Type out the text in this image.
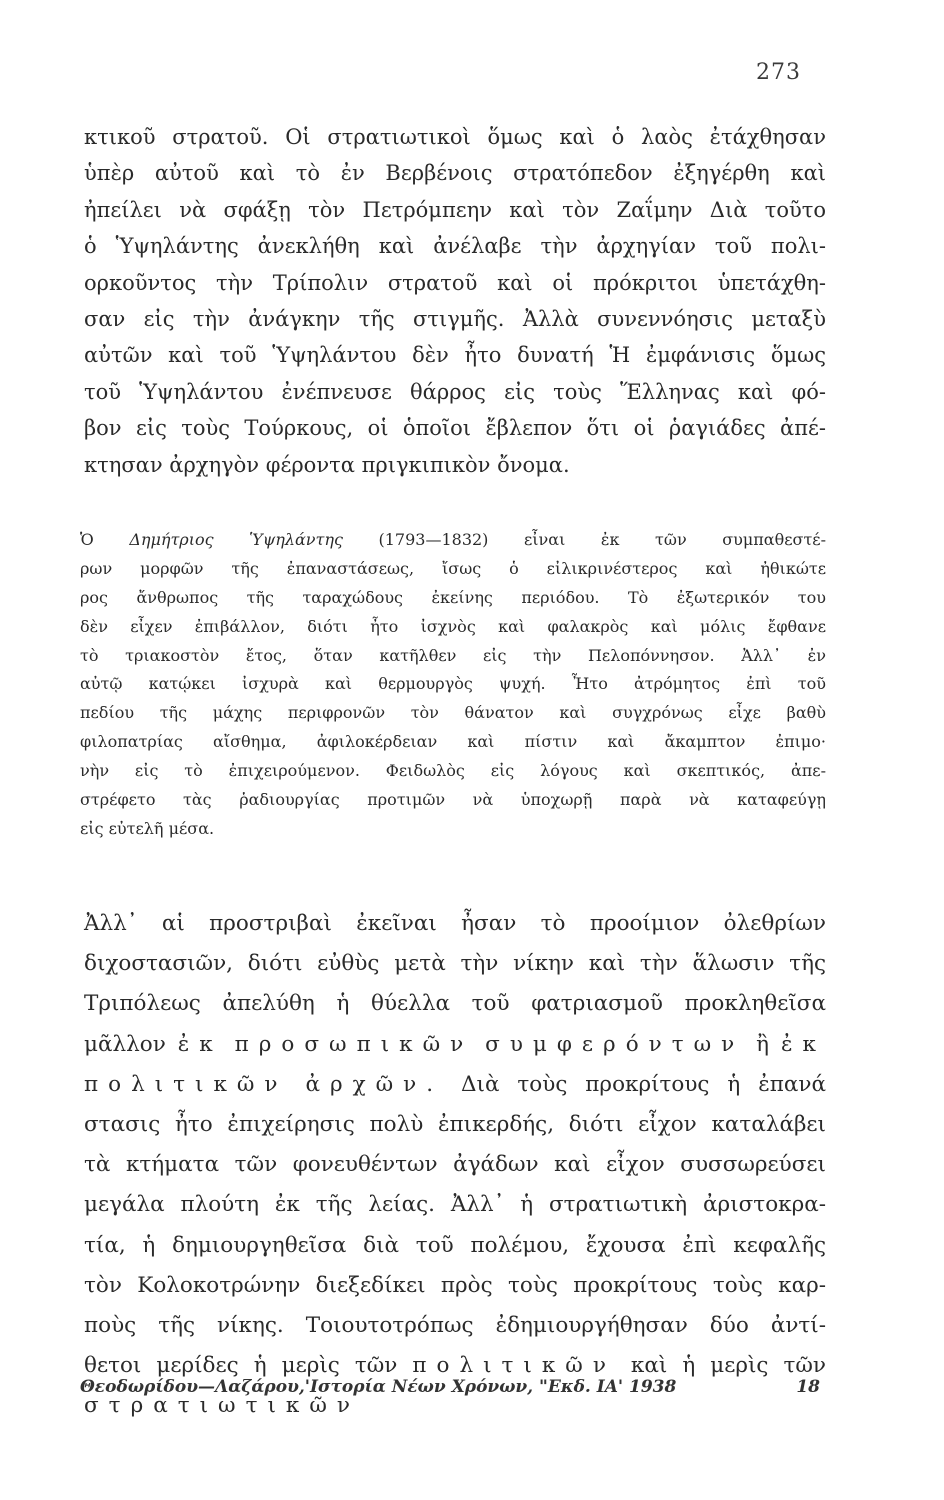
273
κτικοῦ στρατοῦ. Οἱ στρατιωτικοὶ ὅμως καὶ ὁ λαὸς ἐτάχθησαν
ὑπὲρ αὐτοῦ καὶ τὸ ἐν Βερβένοις στρατόπεδον ἐξηγέρθη καὶ
ἠπείλει νὰ σφάξῃ τὸν Πετρόμπεην καὶ τὸν Ζαΐμην Διὰ τοῦτο
ὁ Ὑψηλάντης ἀνεκλήθη καὶ ἀνέλαβε τὴν ἀρχηγίαν τοῦ πολι-
ορκοῦντος τὴν Τρίπολιν στρατοῦ καὶ οἱ πρόκριτοι ὑπετάχθη-
σαν εἰς τὴν ἀνάγκην τῆς στιγμῆς. Ἀλλὰ συνεννόησις μεταξὺ
αὐτῶν καὶ τοῦ Ὑψηλάντου δὲν ἦτο δυνατή Ἡ ἐμφάνισις ὅμως
τοῦ Ὑψηλάντου ἐνέπνευσε θάρρος εἰς τοὺς Ἕλληνας καὶ φό-
βον εἰς τοὺς Τούρκους, οἱ ὁποῖοι ἔβλεπον ὅτι οἱ ῥαγιάδες ἀπέ-
κτησαν ἀρχηγὸν φέροντα πριγκιπικὸν ὄνομα.
Ὁ Δημήτριος Ὑψηλάντης (1793—1832) εἶναι ἐκ τῶν συμπαθεστέ-
ρων μορφῶν τῆς ἐπαναστάσεως, ἴσως ὁ εἰλικρινέστερος καὶ ἠθικώτε
ρος ἄνθρωπος τῆς ταραχώδους ἐκείνης περιόδου. Τὸ ἐξωτερικόν του
δὲν εἶχεν ἐπιβάλλον, διότι ἦτο ἰσχνὸς καὶ φαλακρὸς καὶ μόλις ἔφθανε
τὸ τριακοστὸν ἔτος, ὅταν κατῆλθεν εἰς τὴν Πελοπόννησον. Ἀλλ᾽ ἐν
αὐτῷ κατῴκει ἰσχυρὰ καὶ θερμουργὸς ψυχή. Ἦτο ἀτρόμητος ἐπὶ τοῦ
πεδίου τῆς μάχης περιφρονῶν τὸν θάνατον καὶ συγχρόνως εἶχε βαθὺ
φιλοπατρίας αἴσθημα, ἀφιλοκέρδειαν καὶ πίστιν καὶ ἄκαμπτον ἐπιμο·
νὴν εἰς τὸ ἐπιχειρούμενον. Φειδωλὸς εἰς λόγους καὶ σκεπτικός, ἀπε-
στρέφετο τὰς ῥαδιουργίας προτιμῶν νὰ ὑποχωρῇ παρὰ νὰ καταφεύγῃ
εἰς εὐτελῆ μέσα.
Ἀλλ᾽ αἱ προστριβαὶ ἐκεῖναι ἦσαν τὸ προοίμιον ὀλεθρίων
διχοστασιῶν, διότι εὐθὺς μετὰ τὴν νίκην καὶ τὴν ἅλωσιν τῆς
Τριπόλεως ἀπελύθη ἡ θύελλα τοῦ φατριασμοῦ προκληθεῖσα
μᾶλλον ἐκ προσωπικῶν συμφερόντων ἢ ἐκ
πολιτικῶν ἀρχῶν. Διὰ τοὺς προκρίτους ἡ ἐπανά
στασις ἦτο ἐπιχείρησις πολὺ ἐπικερδής, διότι εἶχον καταλάβει
τὰ κτήματα τῶν φονευθέντων ἀγάδων καὶ εἶχον συσσωρεύσει
μεγάλα πλούτη ἐκ τῆς λείας. Ἀλλ᾽ ἡ στρατιωτικὴ ἀριστοκρα-
τία, ἡ δημιουργηθεῖσα διὰ τοῦ πολέμου, ἔχουσα ἐπὶ κεφαλῆς
τὸν Κολοκοτρώνην διεξεδίκει πρὸς τοὺς προκρίτους τοὺς καρ-
ποὺς τῆς νίκης. Τοιουτοτρόπως ἐδημιουργήθησαν δύο ἀντί-
θετοι μερίδες ἡ μερὶς τῶν πολιτικῶν καὶ ἡ μερὶς τῶν
στρατιωτικῶν
Θεοδωρίδου—Λαζάρου,'Ιστορία Νέων Χρόνων, "Εκδ. ΙΑ' 1938	18
